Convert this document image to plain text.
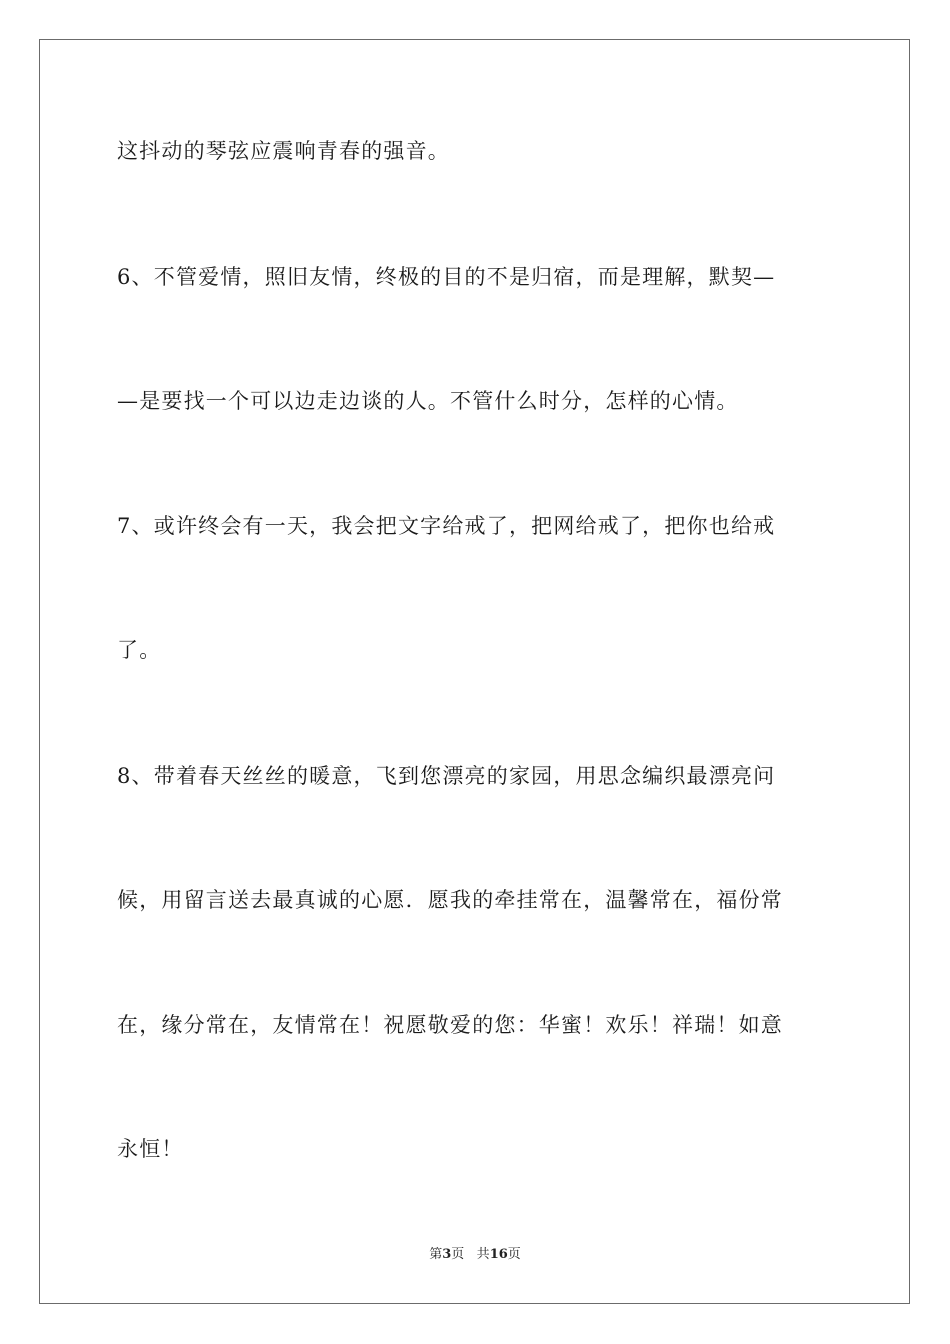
这抖动的琴弦应震响青春的强音。
6、不管爱情，照旧友情，终极的目的不是归宿，而是理解，默契—
—是要找一个可以边走边谈的人。不管什么时分，怎样的心情。
7、或许终会有一天，我会把文字给戒了，把网给戒了，把你也给戒
了。
8、带着春天丝丝的暖意，飞到您漂亮的家园，用思念编织最漂亮问
候，用留言送去最真诚的心愿．愿我的牵挂常在，温馨常在，福份常
在，缘分常在，友情常在！祝愿敬爱的您：华蜜！欢乐！祥瑞！如意
永恒！
第3页 共16页
